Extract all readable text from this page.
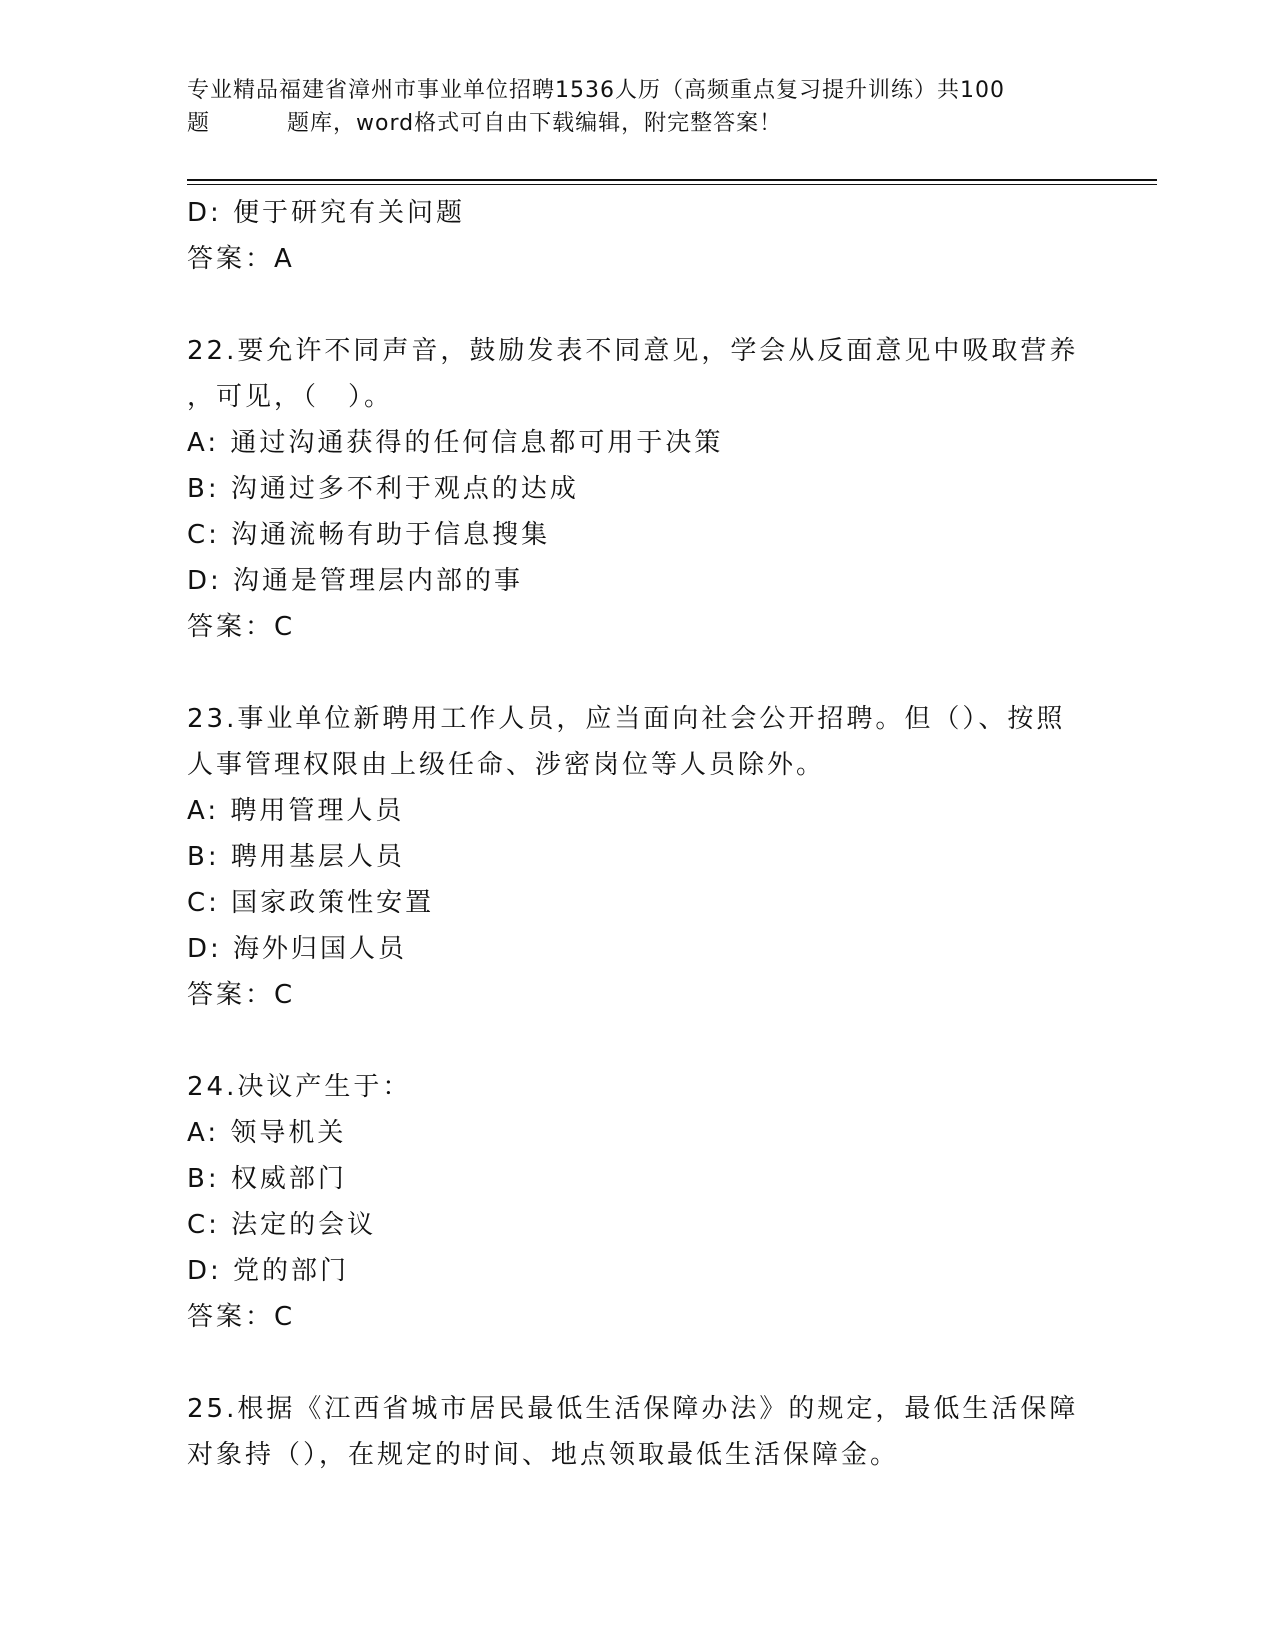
专业精品福建省漳州市事业单位招聘1536人历（高频重点复习提升训练）共100
题	题库，word格式可自由下载编辑，附完整答案！
D: 便于研究有关问题
答案：A
22.要允许不同声音，鼓励发表不同意见，学会从反面意见中吸取营养
，可见，（　）。
A: 通过沟通获得的任何信息都可用于决策
B: 沟通过多不利于观点的达成
C: 沟通流畅有助于信息搜集
D: 沟通是管理层内部的事
答案：C
23.事业单位新聘用工作人员，应当面向社会公开招聘。但（）、按照
人事管理权限由上级任命、涉密岗位等人员除外。
A: 聘用管理人员
B: 聘用基层人员
C: 国家政策性安置
D: 海外归国人员
答案：C
24.决议产生于：
A: 领导机关
B: 权威部门
C: 法定的会议
D: 党的部门
答案：C
25.根据《江西省城市居民最低生活保障办法》的规定，最低生活保障
对象持（），在规定的时间、地点领取最低生活保障金。
